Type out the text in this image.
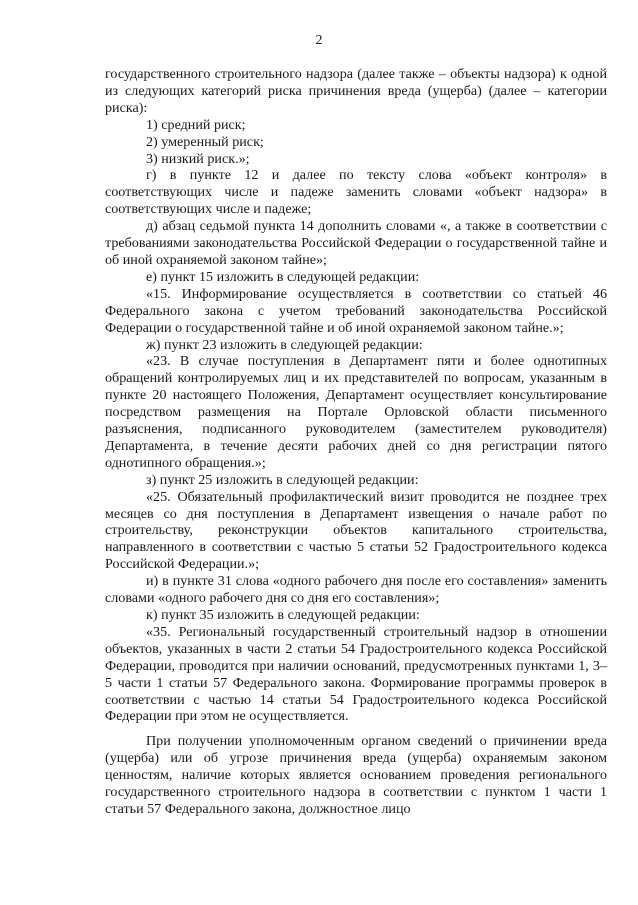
2

государственного строительного надзора (далее также – объекты надзора) к одной из следующих категорий риска причинения вреда (ущерба) (далее – категории риска):

1) средний риск;

2) умеренный риск;

3) низкий риск.»;

г) в пункте 12 и далее по тексту слова «объект контроля» в соответствующих числе и падеже заменить словами «объект надзора» в соответствующих числе и падеже;

д) абзац седьмой пункта 14 дополнить словами «, а также в соответствии с требованиями законодательства Российской Федерации о государственной тайне и об иной охраняемой законом тайне»;

е) пункт 15 изложить в следующей редакции:

«15. Информирование осуществляется в соответствии со статьей 46 Федерального закона с учетом требований законодательства Российской Федерации о государственной тайне и об иной охраняемой законом тайне.»;

ж) пункт 23 изложить в следующей редакции:

«23. В случае поступления в Департамент пяти и более однотипных обращений контролируемых лиц и их представителей по вопросам, указанным в пункте 20 настоящего Положения, Департамент осуществляет консультирование посредством размещения на Портале Орловской области письменного разъяснения, подписанного руководителем (заместителем руководителя) Департамента, в течение десяти рабочих дней со дня регистрации пятого однотипного обращения.»;

з) пункт 25 изложить в следующей редакции:

«25. Обязательный профилактический визит проводится не позднее трех месяцев со дня поступления в Департамент извещения о начале работ по строительству, реконструкции объектов капитального строительства, направленного в соответствии с частью 5 статьи 52 Градостроительного кодекса Российской Федерации.»;

и) в пункте 31 слова «одного рабочего дня после его составления» заменить словами «одного рабочего дня со дня его составления»;

к) пункт 35 изложить в следующей редакции:

«35. Региональный государственный строительный надзор в отношении объектов, указанных в части 2 статьи 54 Градостроительного кодекса Российской Федерации, проводится при наличии оснований, предусмотренных пунктами 1, 3–5 части 1 статьи 57 Федерального закона. Формирование программы проверок в соответствии с частью 14 статьи 54 Градостроительного кодекса Российской Федерации при этом не осуществляется.

При получении уполномоченным органом сведений о причинении вреда (ущерба) или об угрозе причинения вреда (ущерба) охраняемым законом ценностям, наличие которых является основанием проведения регионального государственного строительного надзора в соответствии с пунктом 1 части 1 статьи 57 Федерального закона, должностное лицо
